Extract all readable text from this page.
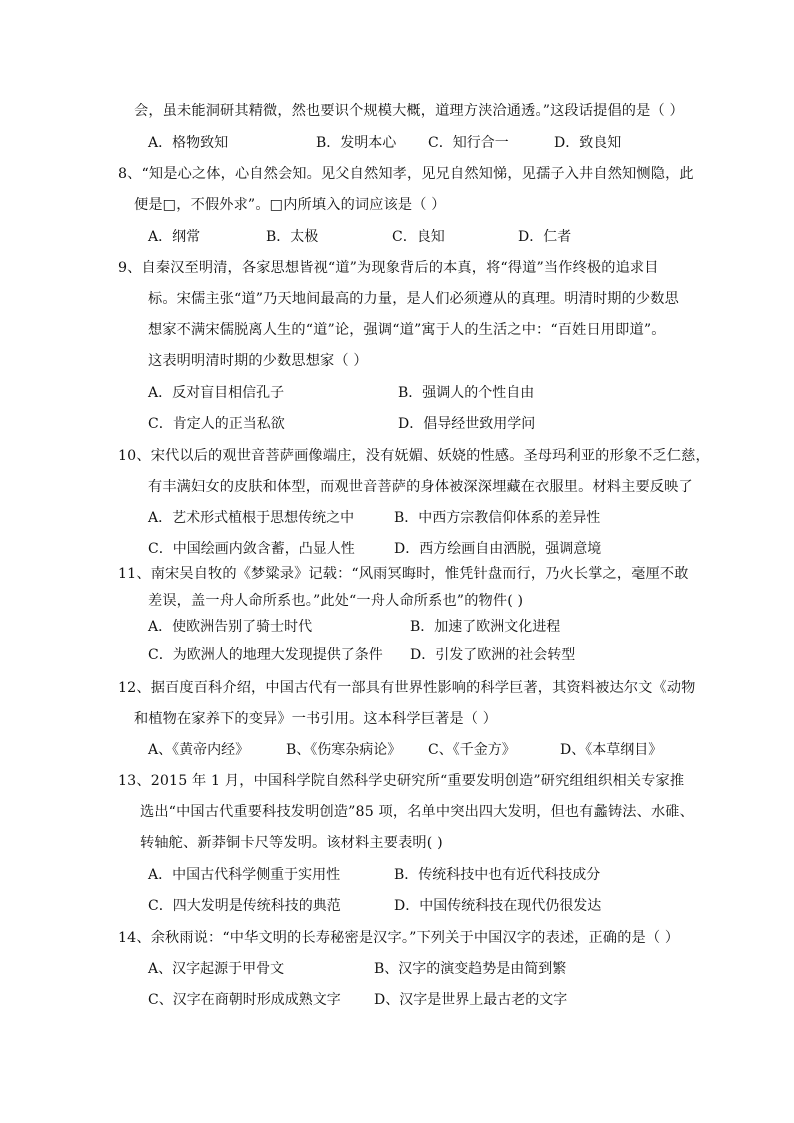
会，虽未能洞研其精微，然也要识个规模大概，道理方浃洽通透。”这段话提倡的是（ ）
A．格物致知	B．发明本心 C．知行合一	D．致良知
8、“知是心之体，心自然会知。见父自然知孝，见兄自然知悌，见孺子入井自然知恻隐，此
便是□，不假外求”。□内所填入的词应该是（ ）
A．纲常	B．太极	C．良知	D．仁者
9、自秦汉至明清，各家思想皆视“道”为现象背后的本真，将“得道”当作终极的追求目
标。宋儒主张“道”乃天地间最高的力量，是人们必须遵从的真理。明清时期的少数思
想家不满宋儒脱离人生的“道”论，强调“道”寓于人的生活之中：“百姓日用即道”。
这表明明清时期的少数思想家（ ）
A．反对盲目相信孔子	B．强调人的个性自由
C．肯定人的正当私欲	D．倡导经世致用学问
10、宋代以后的观世音菩萨画像端庄，没有妩媚、妖娆的性感。圣母玛利亚的形象不乏仁慈，
有丰满妇女的皮肤和体型，而观世音菩萨的身体被深深埋藏在衣服里。材料主要反映了
A．艺术形式植根于思想传统之中	B．中西方宗教信仰体系的差异性
C．中国绘画内敛含蓄，凸显人性	D．西方绘画自由洒脱，强调意境
11、南宋吴自牧的《梦粱录》记载：“风雨冥晦时，惟凭针盘而行，乃火长掌之，毫厘不敢
差误，盖一舟人命所系也。”此处“一舟人命所系也”的物件( )
A．使欧洲告别了骑士时代	B．加速了欧洲文化进程
C．为欧洲人的地理大发现提供了条件 D．引发了欧洲的社会转型
12、据百度百科介绍，中国古代有一部具有世界性影响的科学巨著，其资料被达尔文《动物
和植物在家养下的变异》一书引用。这本科学巨著是（ ）
A、《黄帝内经》	B、《伤寒杂病论》 C、《千金方》	D、《本草纲目》
13、2015 年 1 月，中国科学院自然科学史研究所“重要发明创造”研究组组织相关专家推
选出“中国古代重要科技发明创造”85 项，名单中突出四大发明，但也有蠡铸法、水碓、
转轴舵、新莽铜卡尺等发明。该材料主要表明( )
A．中国古代科学侧重于实用性	B．传统科技中也有近代科技成分
C．四大发明是传统科技的典范	D．中国传统科技在现代仍很发达
14、余秋雨说：“中华文明的长寿秘密是汉字。”下列关于中国汉字的表述，正确的是（ ）
A、汉字起源于甲骨文	B、汉字的演变趋势是由简到繁
C、汉字在商朝时形成成熟文字 D、汉字是世界上最古老的文字
